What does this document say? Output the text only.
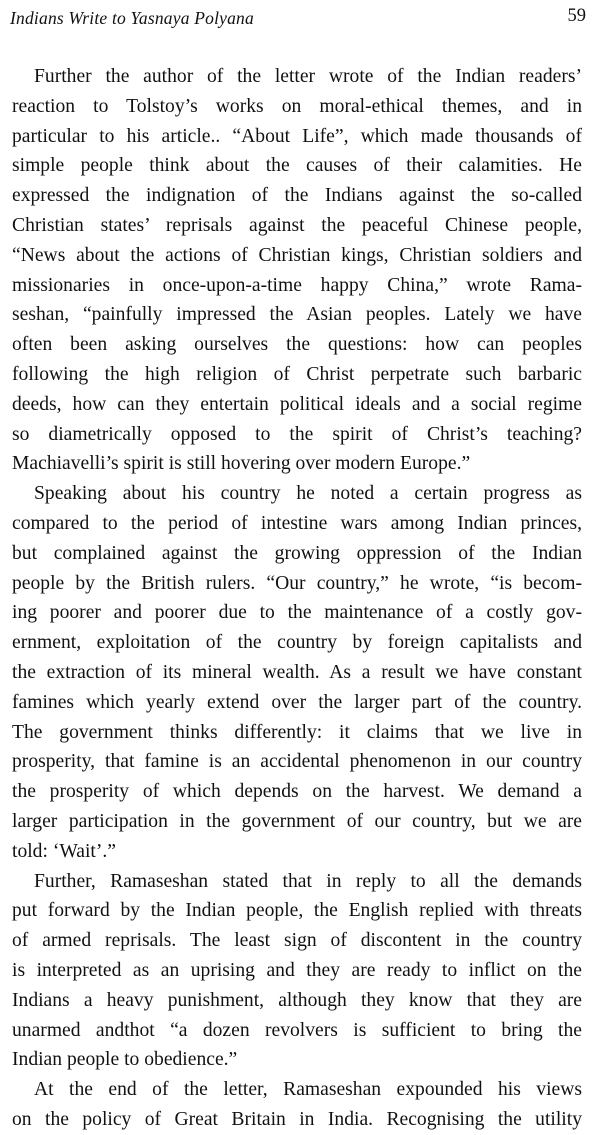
Indians Write to Yasnaya Polyana	59
Further the author of the letter wrote of the Indian readers’
reaction to Tolstoy’s works on moral-ethical themes, and in
particular to his article.. “About Life”, which made thousands of
simple people think about the causes of their calamities. He
expressed the indignation of the Indians against the so-called
Christian states’ reprisals against the peaceful Chinese people,
“News about the actions of Christian kings, Christian soldiers and
missionaries in once-upon-a-time happy China,” wrote Rama-
seshan, “painfully impressed the Asian peoples. Lately we have
often been asking ourselves the questions: how can peoples
following the high religion of Christ perpetrate such barbaric
deeds, how can they entertain political ideals and a social regime
so diametrically opposed to the spirit of Christ’s teaching?
Machiavelli’s spirit is still hovering over modern Europe.”
Speaking about his country he noted a certain progress as
compared to the period of intestine wars among Indian princes,
but complained against the growing oppression of the Indian
people by the British rulers. “Our country,” he wrote, “is becom-
ing poorer and poorer due to the maintenance of a costly gov-
ernment, exploitation of the country by foreign capitalists and
the extraction of its mineral wealth. As a result we have constant
famines which yearly extend over the larger part of the country.
The government thinks differently: it claims that we live in
prosperity, that famine is an accidental phenomenon in our country
the prosperity of which depends on the harvest. We demand a
larger participation in the government of our country, but we are
told: ‘Wait’.”
Further, Ramaseshan stated that in reply to all the demands
put forward by the Indian people, the English replied with threats
of armed reprisals. The least sign of discontent in the country
is interpreted as an uprising and they are ready to inflict on the
Indians a heavy punishment, although they know that they are
unarmed andthot “a dozen revolvers is sufficient to bring the
Indian people to obedience.”
At the end of the letter, Ramaseshan expounded his views
on the policy of Great Britain in India. Recognising the utility
